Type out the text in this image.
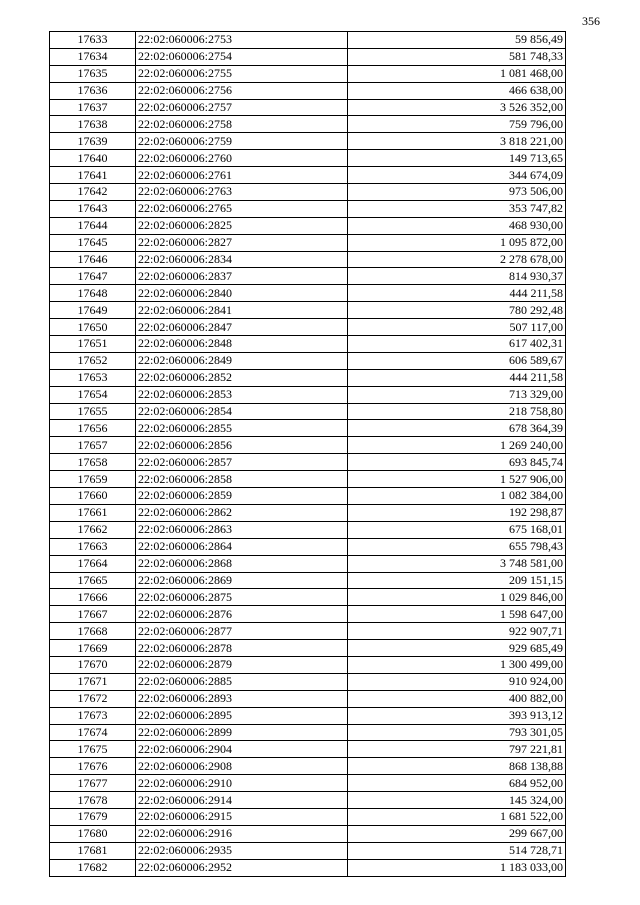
356
17633	22:02:060006:2753	59 856,49
17634	22:02:060006:2754	581 748,33
17635	22:02:060006:2755	1 081 468,00
17636	22:02:060006:2756	466 638,00
17637	22:02:060006:2757	3 526 352,00
17638	22:02:060006:2758	759 796,00
17639	22:02:060006:2759	3 818 221,00
17640	22:02:060006:2760	149 713,65
17641	22:02:060006:2761	344 674,09
17642	22:02:060006:2763	973 506,00
17643	22:02:060006:2765	353 747,82
17644	22:02:060006:2825	468 930,00
17645	22:02:060006:2827	1 095 872,00
17646	22:02:060006:2834	2 278 678,00
17647	22:02:060006:2837	814 930,37
17648	22:02:060006:2840	444 211,58
17649	22:02:060006:2841	780 292,48
17650	22:02:060006:2847	507 117,00
17651	22:02:060006:2848	617 402,31
17652	22:02:060006:2849	606 589,67
17653	22:02:060006:2852	444 211,58
17654	22:02:060006:2853	713 329,00
17655	22:02:060006:2854	218 758,80
17656	22:02:060006:2855	678 364,39
17657	22:02:060006:2856	1 269 240,00
17658	22:02:060006:2857	693 845,74
17659	22:02:060006:2858	1 527 906,00
17660	22:02:060006:2859	1 082 384,00
17661	22:02:060006:2862	192 298,87
17662	22:02:060006:2863	675 168,01
17663	22:02:060006:2864	655 798,43
17664	22:02:060006:2868	3 748 581,00
17665	22:02:060006:2869	209 151,15
17666	22:02:060006:2875	1 029 846,00
17667	22:02:060006:2876	1 598 647,00
17668	22:02:060006:2877	922 907,71
17669	22:02:060006:2878	929 685,49
17670	22:02:060006:2879	1 300 499,00
17671	22:02:060006:2885	910 924,00
17672	22:02:060006:2893	400 882,00
17673	22:02:060006:2895	393 913,12
17674	22:02:060006:2899	793 301,05
17675	22:02:060006:2904	797 221,81
17676	22:02:060006:2908	868 138,88
17677	22:02:060006:2910	684 952,00
17678	22:02:060006:2914	145 324,00
17679	22:02:060006:2915	1 681 522,00
17680	22:02:060006:2916	299 667,00
17681	22:02:060006:2935	514 728,71
17682	22:02:060006:2952	1 183 033,00
